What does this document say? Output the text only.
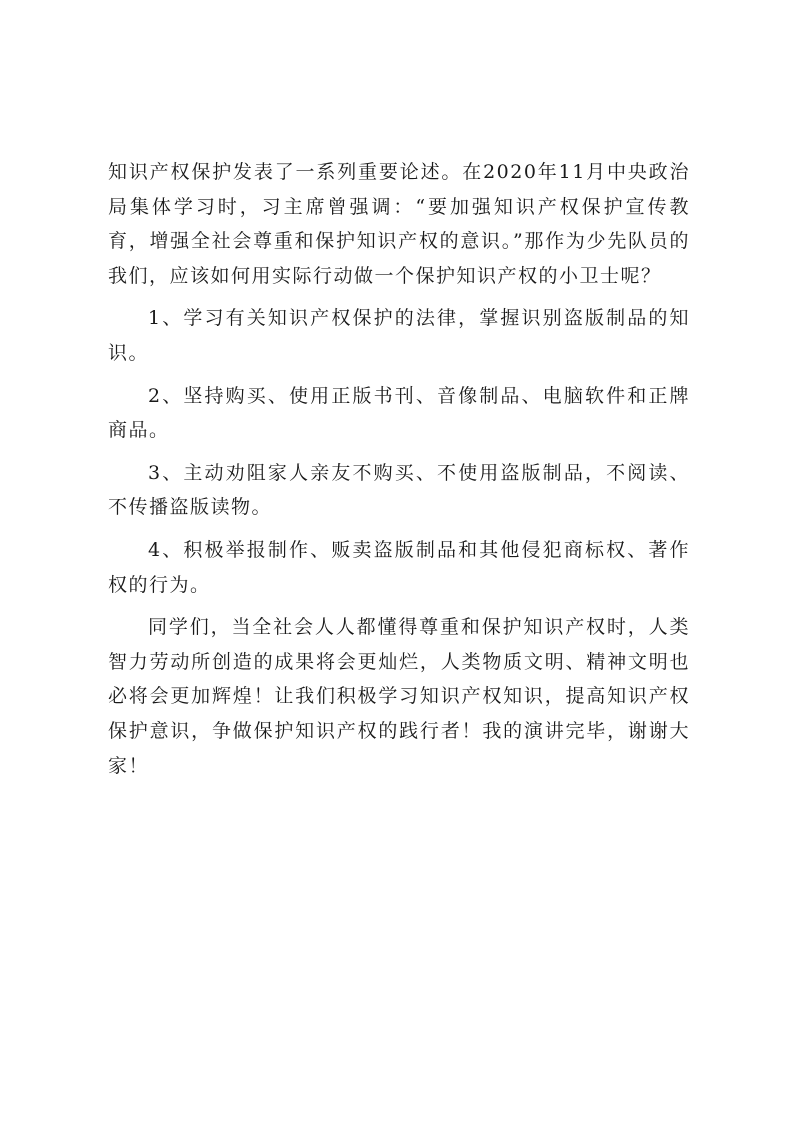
知识产权保护发表了一系列重要论述。在2020年11月中央政治局集体学习时，习主席曾强调：“要加强知识产权保护宣传教育，增强全社会尊重和保护知识产权的意识。”那作为少先队员的我们，应该如何用实际行动做一个保护知识产权的小卫士呢？

1、学习有关知识产权保护的法律，掌握识别盗版制品的知识。

2、坚持购买、使用正版书刊、音像制品、电脑软件和正牌商品。

3、主动劝阻家人亲友不购买、不使用盗版制品，不阅读、不传播盗版读物。

4、积极举报制作、贩卖盗版制品和其他侵犯商标权、著作权的行为。

同学们，当全社会人人都懂得尊重和保护知识产权时，人类智力劳动所创造的成果将会更灿烂，人类物质文明、精神文明也必将会更加辉煌！让我们积极学习知识产权知识，提高知识产权保护意识，争做保护知识产权的践行者！我的演讲完毕，谢谢大家！
